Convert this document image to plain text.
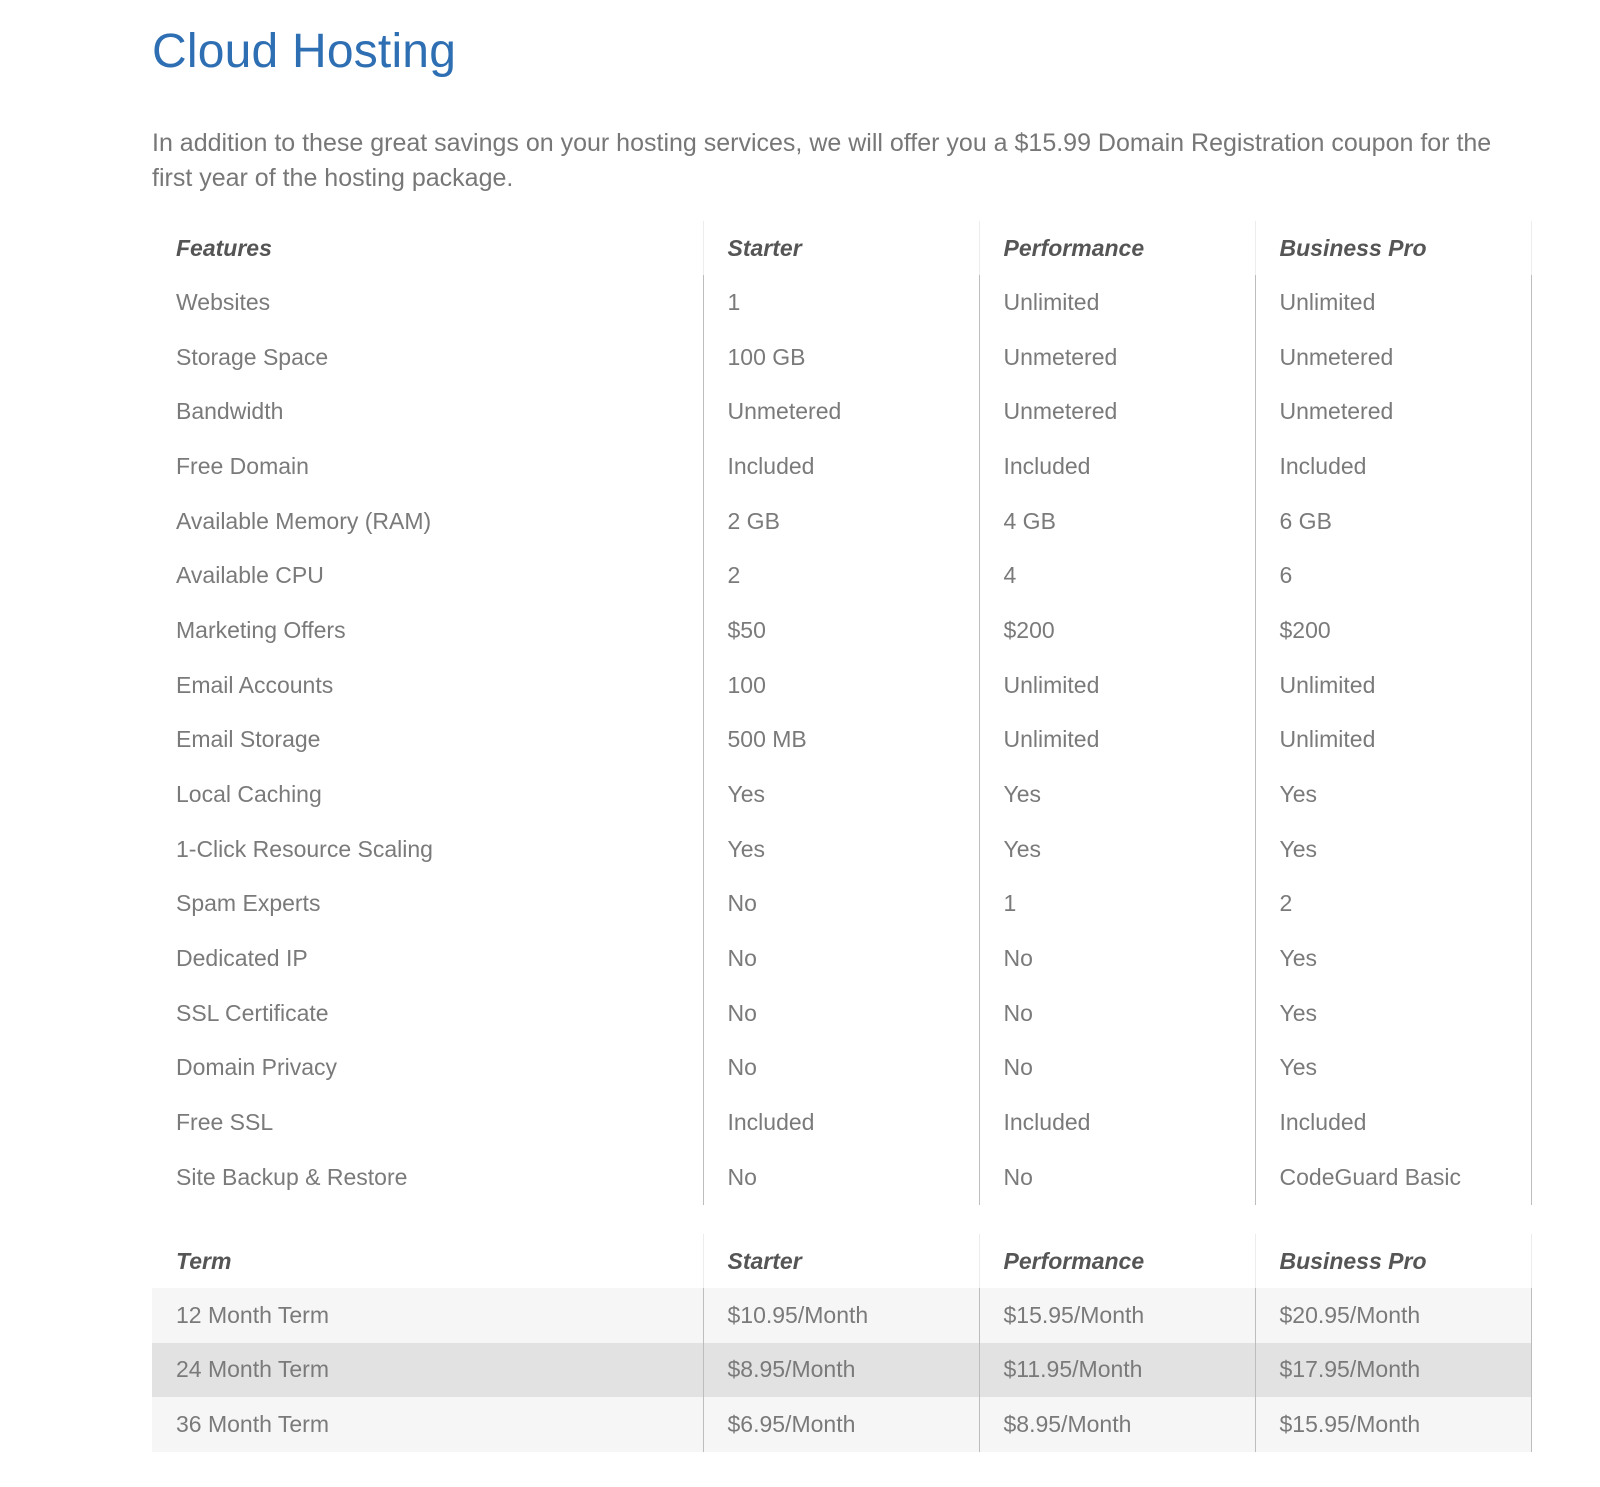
Cloud Hosting

In addition to these great savings on your hosting services, we will offer you a $15.99 Domain Registration coupon for the first year of the hosting package.

Features	Starter	Performance	Business Pro
Websites	1	Unlimited	Unlimited
Storage Space	100 GB	Unmetered	Unmetered
Bandwidth	Unmetered	Unmetered	Unmetered
Free Domain	Included	Included	Included
Available Memory (RAM)	2 GB	4 GB	6 GB
Available CPU	2	4	6
Marketing Offers	$50	$200	$200
Email Accounts	100	Unlimited	Unlimited
Email Storage	500 MB	Unlimited	Unlimited
Local Caching	Yes	Yes	Yes
1-Click Resource Scaling	Yes	Yes	Yes
Spam Experts	No	1	2
Dedicated IP	No	No	Yes
SSL Certificate	No	No	Yes
Domain Privacy	No	No	Yes
Free SSL	Included	Included	Included
Site Backup & Restore	No	No	CodeGuard Basic
Term	Starter	Performance	Business Pro
12 Month Term	$10.95/Month	$15.95/Month	$20.95/Month
24 Month Term	$8.95/Month	$11.95/Month	$17.95/Month
36 Month Term	$6.95/Month	$8.95/Month	$15.95/Month
